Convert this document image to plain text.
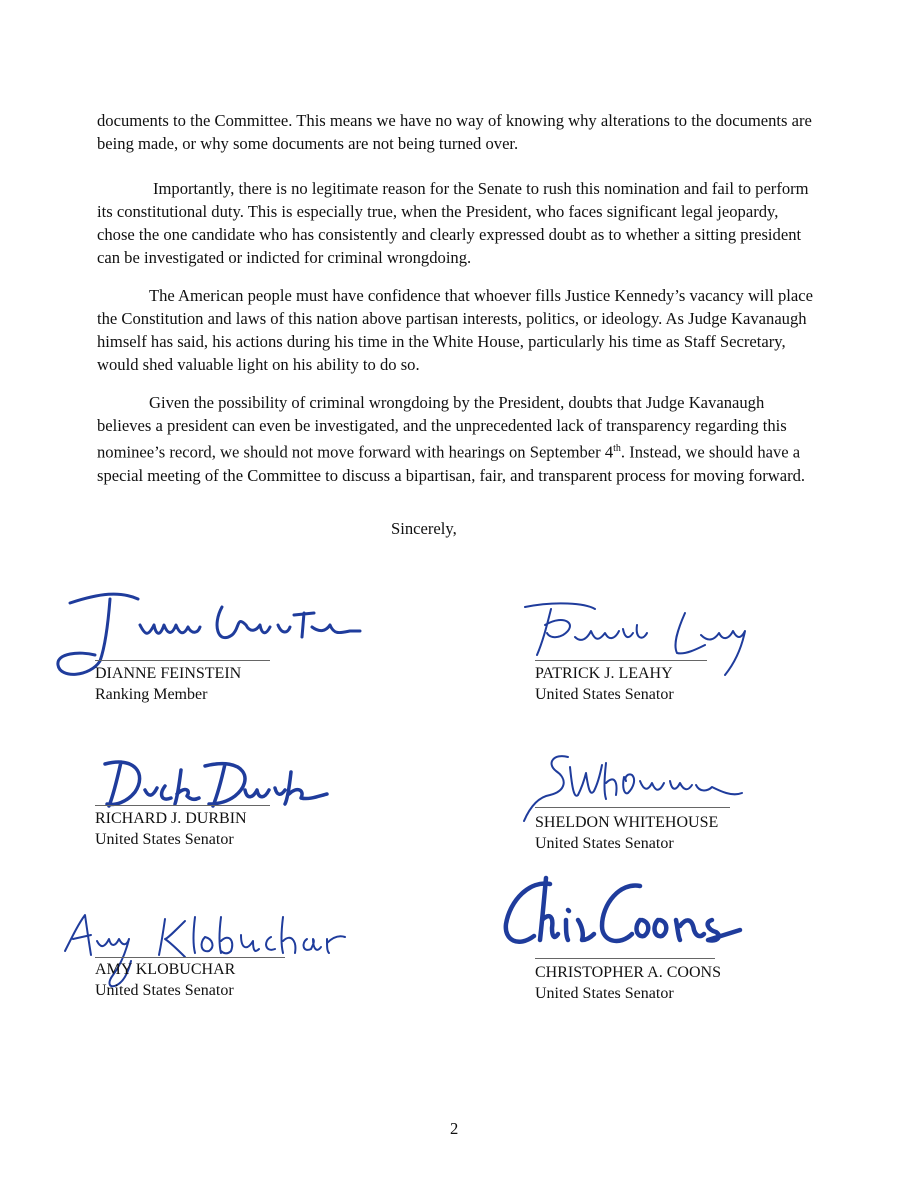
documents to the Committee. This means we have no way of knowing why alterations to the documents are being made, or why some documents are not being turned over.

Importantly, there is no legitimate reason for the Senate to rush this nomination and fail to perform its constitutional duty. This is especially true, when the President, who faces significant legal jeopardy, chose the one candidate who has consistently and clearly expressed doubt as to whether a sitting president can be investigated or indicted for criminal wrongdoing.

The American people must have confidence that whoever fills Justice Kennedy’s vacancy will place the Constitution and laws of this nation above partisan interests, politics, or ideology. As Judge Kavanaugh himself has said, his actions during his time in the White House, particularly his time as Staff Secretary, would shed valuable light on his ability to do so.

Given the possibility of criminal wrongdoing by the President, doubts that Judge Kavanaugh believes a president can even be investigated, and the unprecedented lack of transparency regarding this nominee’s record, we should not move forward with hearings on September 4th. Instead, we should have a special meeting of the Committee to discuss a bipartisan, fair, and transparent process for moving forward.

Sincerely,
DIANNE FEINSTEIN
Ranking Member
PATRICK J. LEAHY
United States Senator
RICHARD J. DURBIN
United States Senator
SHELDON WHITEHOUSE
United States Senator
AMY KLOBUCHAR
United States Senator
CHRISTOPHER A. COONS
United States Senator
2
